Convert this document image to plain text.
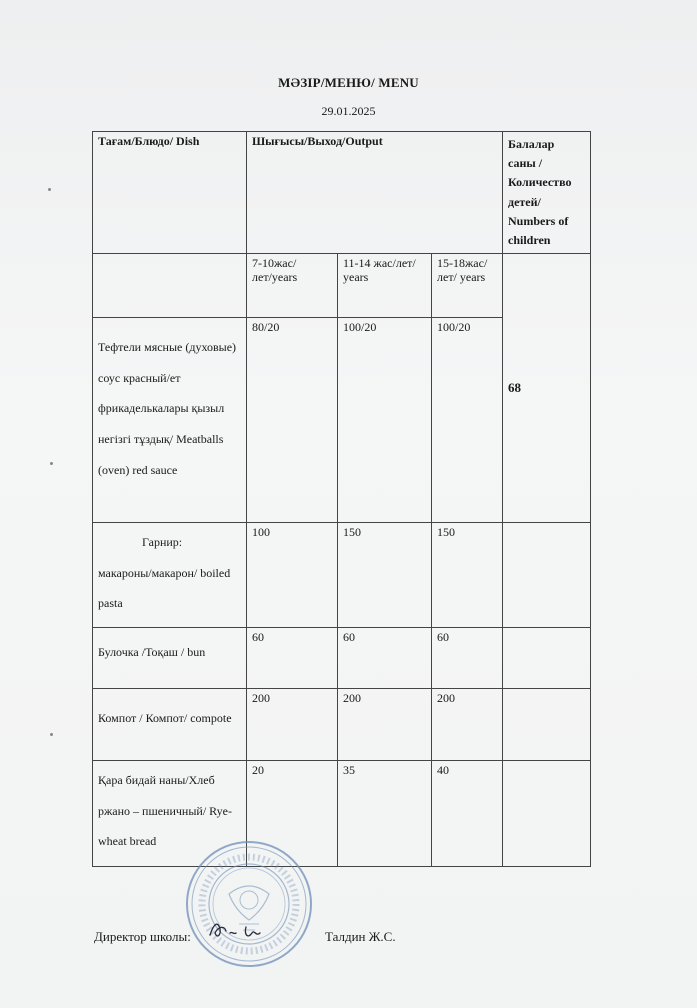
МӘЗІР/МЕНЮ/ MENU
29.01.2025
Тағам/Блюдо/ Dish	Шығысы/Выход/Output			Балалар саны /Количество детей/ Numbers of children
	7-10жас/лет/years	11-14 жас/лет/ years	15-18жас/лет/ years	68
Тефтели мясные (духовые) соус красный/ет фрикаделькалары қызыл негізгі тұздық/ Meatballs (oven) red sauce	80/20	100/20	100/20	

Гарнир:
макароны/макарон/ boiled pasta	100	150	150	
Булочка /Тоқаш / bun	60	60	60	
Компот / Компот/ compote	200	200	200	
Қара бидай наны/Хлеб ржано – пшеничный/ Rye-wheat bread	20	35	40	
Директор школы:	Талдин Ж.С.
